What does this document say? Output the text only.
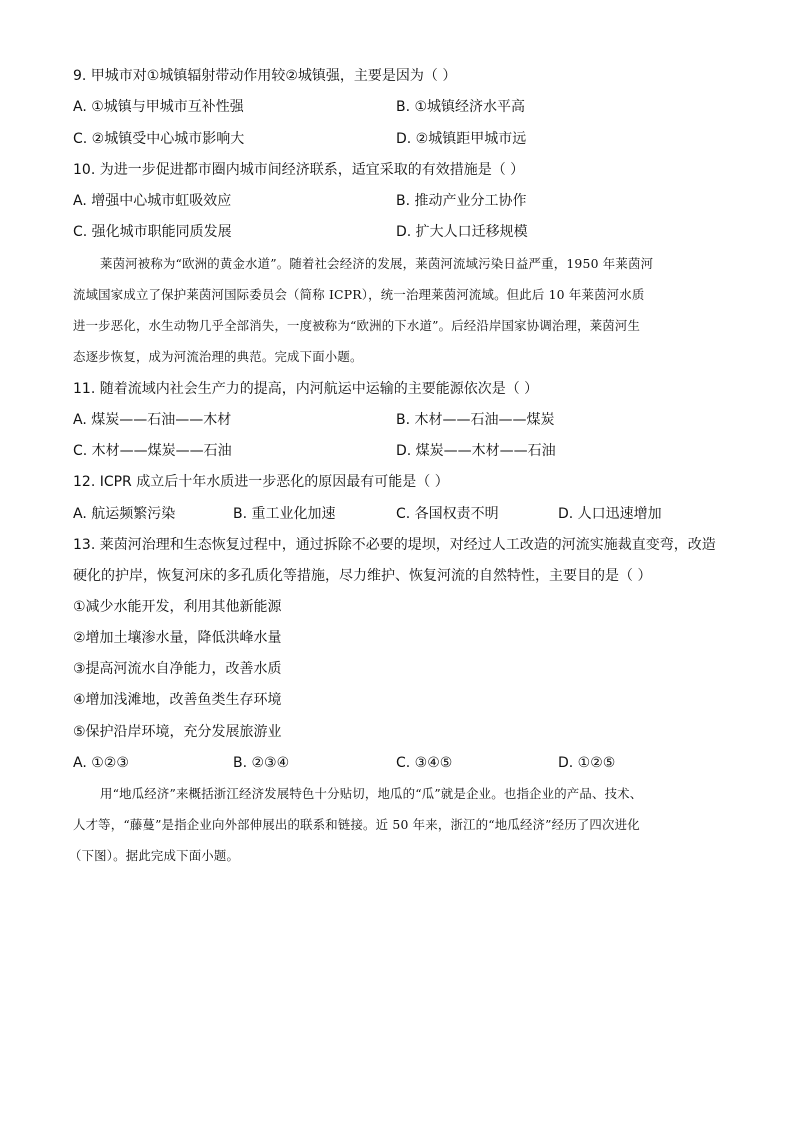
9. 甲城市对①城镇辐射带动作用较②城镇强，主要是因为（ ）
A. ①城镇与甲城市互补性强	B. ①城镇经济水平高
C. ②城镇受中心城市影响大	D. ②城镇距甲城市远
10. 为进一步促进都市圈内城市间经济联系，适宜采取的有效措施是（ ）
A. 增强中心城市虹吸效应	B. 推动产业分工协作
C. 强化城市职能同质发展	D. 扩大人口迁移规模
莱茵河被称为“欧洲的黄金水道”。随着社会经济的发展，莱茵河流域污染日益严重，1950 年莱茵河
流域国家成立了保护莱茵河国际委员会（简称 ICPR），统一治理莱茵河流域。但此后 10 年莱茵河水质
进一步恶化，水生动物几乎全部消失，一度被称为“欧洲的下水道”。后经沿岸国家协调治理，莱茵河生
态逐步恢复，成为河流治理的典范。完成下面小题。
11. 随着流域内社会生产力的提高，内河航运中运输的主要能源依次是（ ）
A. 煤炭——石油——木材	B. 木材——石油——煤炭
C. 木材——煤炭——石油	D. 煤炭——木材——石油
12. ICPR 成立后十年水质进一步恶化的原因最有可能是（ ）
A. 航运频繁污染	B. 重工业化加速	C. 各国权责不明	D. 人口迅速增加
13. 莱茵河治理和生态恢复过程中，通过拆除不必要的堤坝，对经过人工改造的河流实施裁直变弯，改造
硬化的护岸，恢复河床的多孔质化等措施，尽力维护、恢复河流的自然特性，主要目的是（ ）
①减少水能开发，利用其他新能源
②增加土壤渗水量，降低洪峰水量
③提高河流水自净能力，改善水质
④增加浅滩地，改善鱼类生存环境
⑤保护沿岸环境，充分发展旅游业
A. ①②③	B. ②③④	C. ③④⑤	D. ①②⑤
用“地瓜经济”来概括浙江经济发展特色十分贴切，地瓜的“瓜”就是企业。也指企业的产品、技术、
人才等，“藤蔓”是指企业向外部伸展出的联系和链接。近 50 年来，浙江的“地瓜经济”经历了四次进化
（下图）。据此完成下面小题。
